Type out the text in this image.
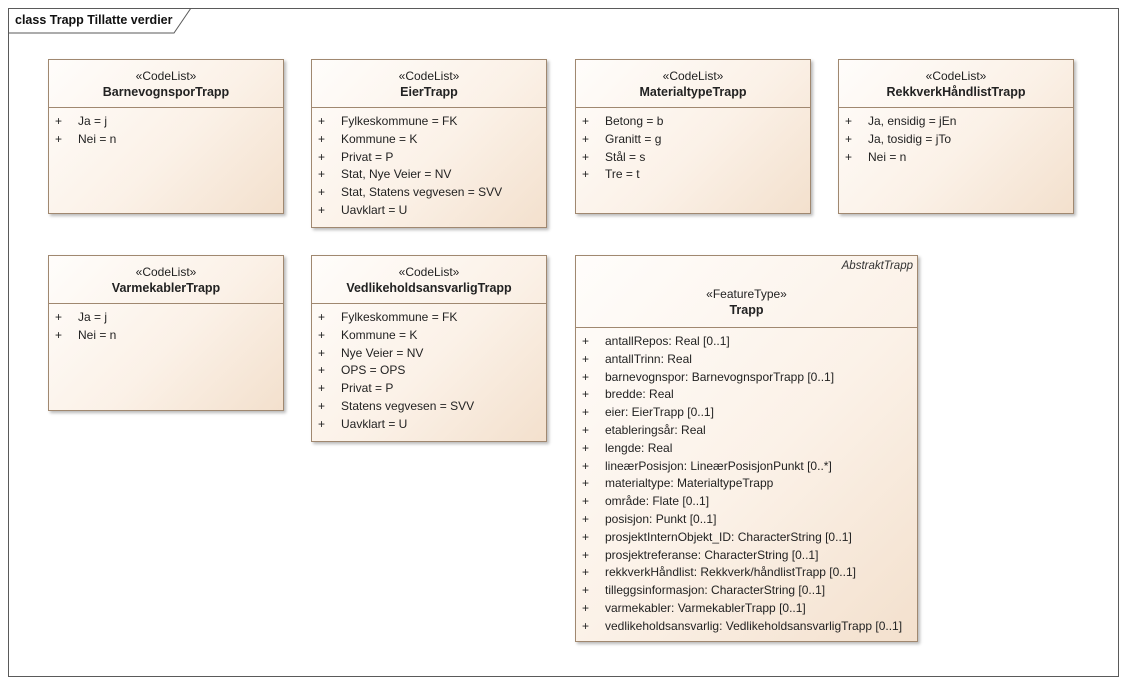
class Trapp Tillatte verdier
«CodeList»
BarnevognsporTrapp
+ Ja = j
+ Nei = n
«CodeList»
EierTrapp
+ Fylkeskommune = FK
+ Kommune = K
+ Privat = P
+ Stat, Nye Veier = NV
+ Stat, Statens vegvesen = SVV
+ Uavklart = U
«CodeList»
MaterialtypeTrapp
+ Betong = b
+ Granitt = g
+ Stål = s
+ Tre = t
«CodeList»
RekkverkHåndlistTrapp
+ Ja, ensidig = jEn
+ Ja, tosidig = jTo
+ Nei = n
«CodeList»
VarmekablerTrapp
+ Ja = j
+ Nei = n
«CodeList»
VedlikeholdsansvarligTrapp
+ Fylkeskommune = FK
+ Kommune = K
+ Nye Veier = NV
+ OPS = OPS
+ Privat = P
+ Statens vegvesen = SVV
+ Uavklart = U
AbstraktTrapp
«FeatureType»
Trapp
+ antallRepos: Real [0..1]
+ antallTrinn: Real
+ barnevognspor: BarnevognsporTrapp [0..1]
+ bredde: Real
+ eier: EierTrapp [0..1]
+ etableringsår: Real
+ lengde: Real
+ lineærPosisjon: LineærPosisjonPunkt [0..*]
+ materialtype: MaterialtypeTrapp
+ område: Flate [0..1]
+ posisjon: Punkt [0..1]
+ prosjektInternObjekt_ID: CharacterString [0..1]
+ prosjektreferanse: CharacterString [0..1]
+ rekkverkHåndlist: Rekkverk/håndlistTrapp [0..1]
+ tilleggsinformasjon: CharacterString [0..1]
+ varmekabler: VarmekablerTrapp [0..1]
+ vedlikeholdsansvarlig: VedlikeholdsansvarligTrapp [0..1]
